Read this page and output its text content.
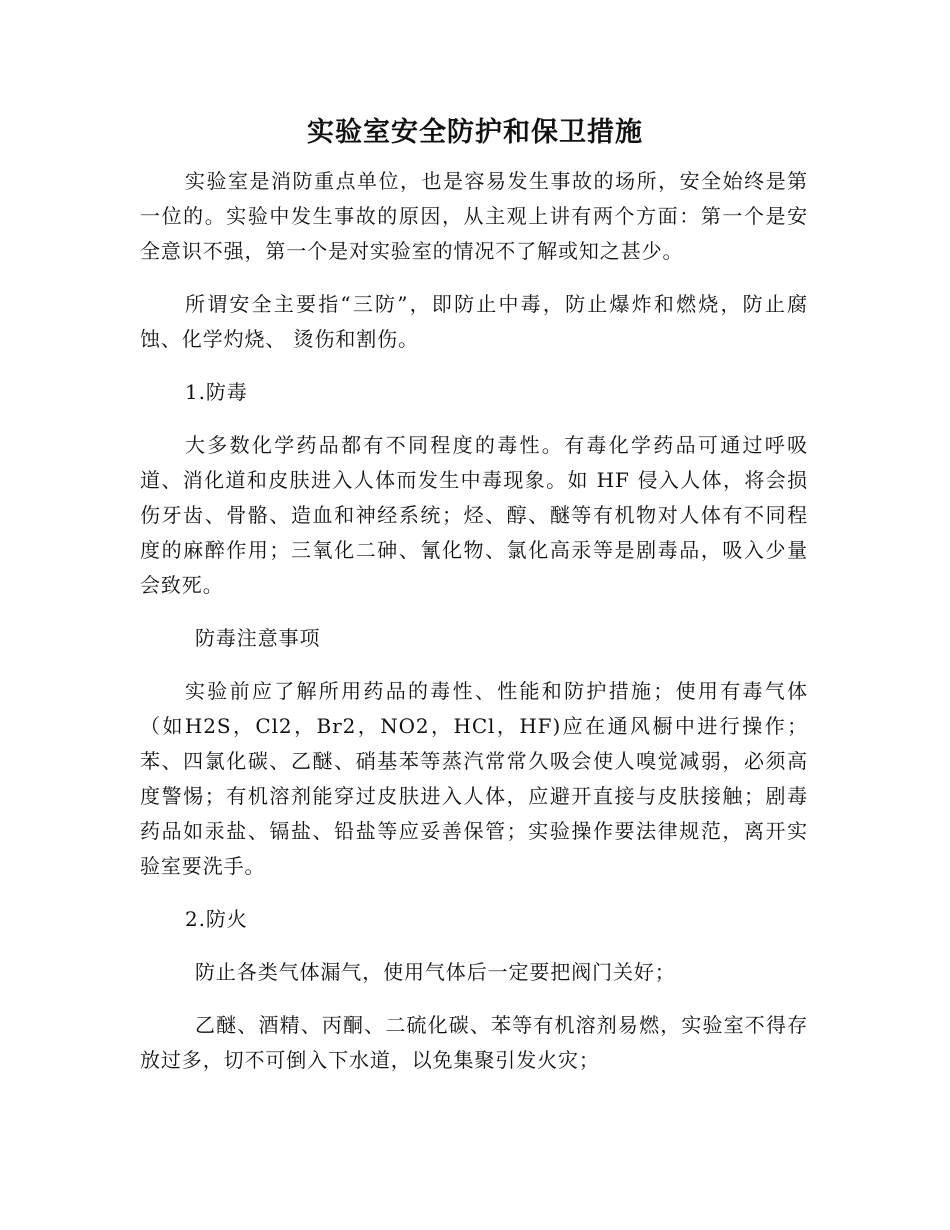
实验室安全防护和保卫措施

实验室是消防重点单位，也是容易发生事故的场所，安全始终是第一位的。实验中发生事故的原因，从主观上讲有两个方面：第一个是安全意识不强，第一个是对实验室的情况不了解或知之甚少。

所谓安全主要指“三防”，即防止中毒，防止爆炸和燃烧，防止腐蚀、化学灼烧、 烫伤和割伤。

1.防毒

大多数化学药品都有不同程度的毒性。有毒化学药品可通过呼吸道、消化道和皮肤进入人体而发生中毒现象。如 HF 侵入人体，将会损伤牙齿、骨骼、造血和神经系统；烃、醇、醚等有机物对人体有不同程度的麻醉作用；三氧化二砷、氰化物、氯化高汞等是剧毒品，吸入少量会致死。

防毒注意事项

实验前应了解所用药品的毒性、性能和防护措施；使用有毒气体（如H2S，Cl2，Br2，NO2，HCl，HF)应在通风橱中进行操作；苯、四氯化碳、乙醚、硝基苯等蒸汽常常久吸会使人嗅觉减弱，必须高度警惕；有机溶剂能穿过皮肤进入人体，应避开直接与皮肤接触；剧毒药品如汞盐、镉盐、铅盐等应妥善保管；实验操作要法律规范，离开实验室要洗手。

2.防火

防止各类气体漏气，使用气体后一定要把阀门关好；

乙醚、酒精、丙酮、二硫化碳、苯等有机溶剂易燃，实验室不得存放过多，切不可倒入下水道，以免集聚引发火灾；
